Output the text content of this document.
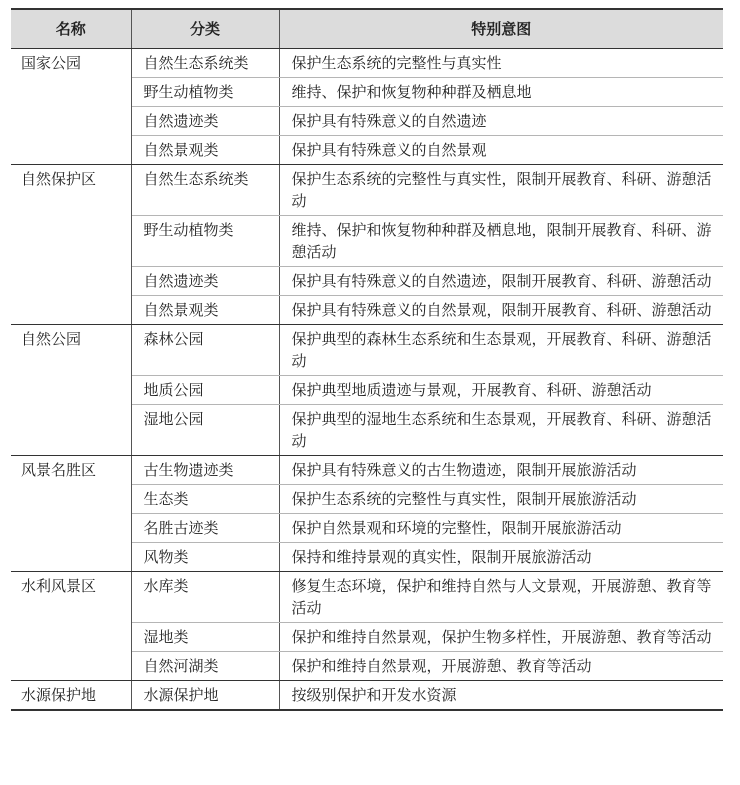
名称	分类	特别意图
国家公园	自然生态系统类	保护生态系统的完整性与真实性
	野生动植物类	维持、保护和恢复物种种群及栖息地
	自然遗迹类	保护具有特殊意义的自然遗迹
	自然景观类	保护具有特殊意义的自然景观
自然保护区	自然生态系统类	保护生态系统的完整性与真实性，限制开展教育、科研、游憩活动
	野生动植物类	维持、保护和恢复物种种群及栖息地，限制开展教育、科研、游憩活动
	自然遗迹类	保护具有特殊意义的自然遗迹，限制开展教育、科研、游憩活动
	自然景观类	保护具有特殊意义的自然景观，限制开展教育、科研、游憩活动
自然公园	森林公园	保护典型的森林生态系统和生态景观，开展教育、科研、游憩活动
	地质公园	保护典型地质遗迹与景观，开展教育、科研、游憩活动
	湿地公园	保护典型的湿地生态系统和生态景观，开展教育、科研、游憩活动
风景名胜区	古生物遗迹类	保护具有特殊意义的古生物遗迹，限制开展旅游活动
	生态类	保护生态系统的完整性与真实性，限制开展旅游活动
	名胜古迹类	保护自然景观和环境的完整性，限制开展旅游活动
	风物类	保持和维持景观的真实性，限制开展旅游活动
水利风景区	水库类	修复生态环境，保护和维持自然与人文景观，开展游憩、教育等活动
	湿地类	保护和维持自然景观，保护生物多样性，开展游憩、教育等活动
	自然河湖类	保护和维持自然景观，开展游憩、教育等活动
水源保护地	水源保护地	按级别保护和开发水资源
